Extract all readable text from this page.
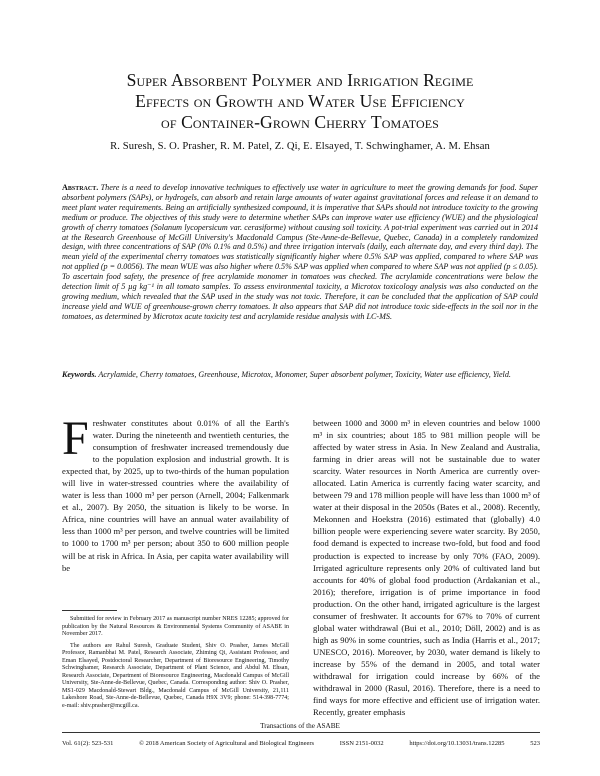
Super Absorbent Polymer and Irrigation Regime
Effects on Growth and Water Use Efficiency
of Container-Grown Cherry Tomatoes
R. Suresh, S. O. Prasher, R. M. Patel, Z. Qi, E. Elsayed, T. Schwinghamer, A. M. Ehsan

Abstract. There is a need to develop innovative techniques to effectively use water in agriculture to meet the growing demands for food. Super absorbent polymers (SAPs), or hydrogels, can absorb and retain large amounts of water against gravitational forces and release it on demand to meet plant water requirements. Being an artificially synthesized compound, it is imperative that SAPs should not introduce toxicity to the growing medium or produce. The objectives of this study were to determine whether SAPs can improve water use efficiency (WUE) and the physiological growth of cherry tomatoes (Solanum lycopersicum var. cerasiforme) without causing soil toxicity. A pot-trial experiment was carried out in 2014 at the Research Greenhouse of McGill University's Macdonald Campus (Ste-Anne-de-Bellevue, Quebec, Canada) in a completely randomized design, with three concentrations of SAP (0% 0.1% and 0.5%) and three irrigation intervals (daily, each alternate day, and every third day). The mean yield of the experimental cherry tomatoes was statistically significantly higher where 0.5% SAP was applied, compared to where SAP was not applied (p = 0.0056). The mean WUE was also higher where 0.5% SAP was applied when compared to where SAP was not applied (p ≤ 0.05). To ascertain food safety, the presence of free acrylamide monomer in tomatoes was checked. The acrylamide concentrations were below the detection limit of 5 µg kg⁻¹ in all tomato samples. To assess environmental toxicity, a Microtox toxicology analysis was also conducted on the growing medium, which revealed that the SAP used in the study was not toxic. Therefore, it can be concluded that the application of SAP could increase yield and WUE of greenhouse-grown cherry tomatoes. It also appears that SAP did not introduce toxic side-effects in the soil nor in the tomatoes, as determined by Microtox acute toxicity test and acrylamide residue analysis with LC-MS.

Keywords. Acrylamide, Cherry tomatoes, Greenhouse, Microtox, Monomer, Super absorbent polymer, Toxicity, Water use efficiency, Yield.

Freshwater constitutes about 0.01% of all the Earth's water. During the nineteenth and twentieth centuries, the consumption of freshwater increased tremendously due to the population explosion and industrial growth. It is expected that, by 2025, up to two-thirds of the human population will live in water-stressed countries where the availability of water is less than 1000 m³ per person (Arnell, 2004; Falkenmark et al., 2007). By 2050, the situation is likely to be worse. In Africa, nine countries will have an annual water availability of less than 1000 m³ per person, and twelve countries will be limited to 1000 to 1700 m³ per person; about 350 to 600 million people will be at risk in Africa. In Asia, per capita water availability will be

Submitted for review in February 2017 as manuscript number NRES 12285; approved for publication by the Natural Resources & Environmental Systems Community of ASABE in November 2017.

The authors are Rahul Suresh, Graduate Student, Shiv O. Prasher, James McGill Professor, Ramanbhai M. Patel, Research Associate, Zhiming Qi, Assistant Professor, and Eman Elsayed, Postdoctoral Researcher, Department of Bioresource Engineering, Timothy Schwinghamer, Research Associate, Department of Plant Science, and Abdul M. Ehsan, Research Associate, Department of Bioresource Engineering, Macdonald Campus of McGill University, Ste-Anne-de-Bellevue, Quebec, Canada. Corresponding author: Shiv O. Prasher, MS1-029 Macdonald-Stewart Bldg., Macdonald Campus of McGill University, 21,111 Lakeshore Road, Ste-Anne-de-Bellevue, Quebec, Canada H9X 3V9; phone: 514-398-7774; e-mail: shiv.prasher@mcgill.ca.

between 1000 and 3000 m³ in eleven countries and below 1000 m³ in six countries; about 185 to 981 million people will be affected by water stress in Asia. In New Zealand and Australia, farming in drier areas will not be sustainable due to water scarcity. Water resources in North America are currently over-allocated. Latin America is currently facing water scarcity, and between 79 and 178 million people will have less than 1000 m³ of water at their disposal in the 2050s (Bates et al., 2008). Recently, Mekonnen and Hoekstra (2016) estimated that (globally) 4.0 billion people were experiencing severe water scarcity. By 2050, food demand is expected to increase two-fold, but food and food production is expected to increase by only 70% (FAO, 2009). Irrigated agriculture represents only 20% of cultivated land but accounts for 40% of global food production (Ardakanian et al., 2016); therefore, irrigation is of prime importance in food production. On the other hand, irrigated agriculture is the largest consumer of freshwater. It accounts for 67% to 70% of current global water withdrawal (Bui et al., 2010; Döll, 2002) and is as high as 90% in some countries, such as India (Harris et al., 2017; UNESCO, 2016). Moreover, by 2030, water demand is likely to increase by 55% of the demand in 2005, and total water withdrawal for irrigation could increase by 66% of the withdrawal in 2000 (Rasul, 2016). Therefore, there is a need to find ways for more effective and efficient use of irrigation water. Recently, greater emphasis

Transactions of the ASABE
Vol. 61(2): 523-531	© 2018 American Society of Agricultural and Biological Engineers	ISSN 2151-0032	https://doi.org/10.13031/trans.12285	523
